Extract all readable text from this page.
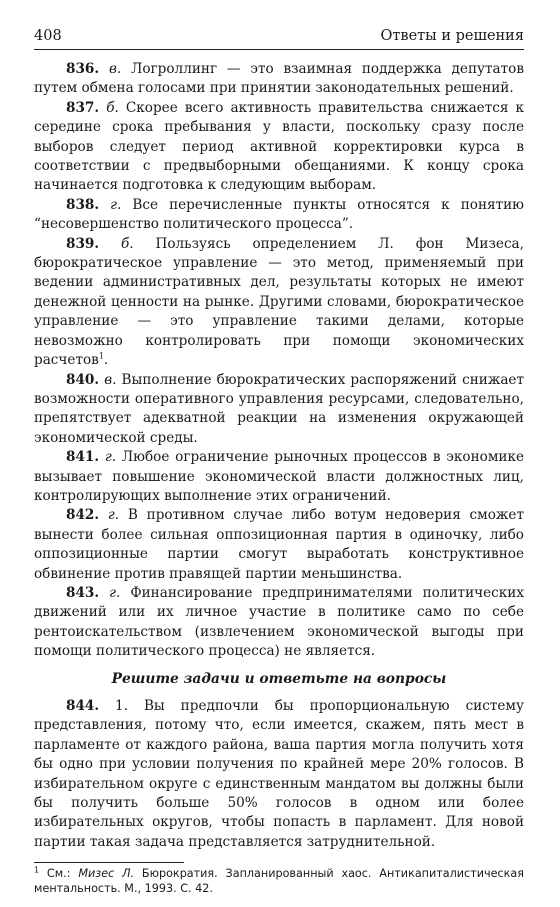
408	Ответы и решения

836. в. Логроллинг — это взаимная поддержка депутатов путем обмена голосами при принятии законодательных решений.

837. б. Скорее всего активность правительства снижается к середине срока пребывания у власти, поскольку сразу после выборов следует период активной корректировки курса в соответствии с предвыборными обещаниями. К концу срока начинается подготовка к следующим выборам.

838. г. Все перечисленные пункты относятся к понятию “несовершенство политического процесса”.

839. б. Пользуясь определением Л. фон Мизеса, бюрократическое управление — это метод, применяемый при ведении административных дел, результаты которых не имеют денежной ценности на рынке. Другими словами, бюрократическое управление — это управление такими делами, которые невозможно контролировать при помощи экономических расчетов$^1$.

840. в. Выполнение бюрократических распоряжений снижает возможности оперативного управления ресурсами, следовательно, препятствует адекватной реакции на изменения окружающей экономической среды.

841. г. Любое ограничение рыночных процессов в экономике вызывает повышение экономической власти должностных лиц, контролирующих выполнение этих ограничений.

842. г. В противном случае либо вотум недоверия сможет вынести более сильная оппозиционная партия в одиночку, либо оппозиционные партии смогут выработать конструктивное обвинение против правящей партии меньшинства.

843. г. Финансирование предпринимателями политических движений или их личное участие в политике само по себе рентоискательством (извлечением экономической выгоды при помощи политического процесса) не является.

Решите задачи и ответьте на вопросы

844. 1. Вы предпочли бы пропорциональную систему представления, потому что, если имеется, скажем, пять мест в парламенте от каждого района, ваша партия могла получить хотя бы одно при условии получения по крайней мере 20% голосов. В избирательном округе с единственным мандатом вы должны были бы получить больше 50% голосов в одном или более избирательных округов, чтобы попасть в парламент. Для новой партии такая задача представляется затруднительной.

$^1$ См.: Мизес Л. Бюрократия. Запланированный хаос. Антикапиталистическая ментальность. М., 1993. С. 42.
